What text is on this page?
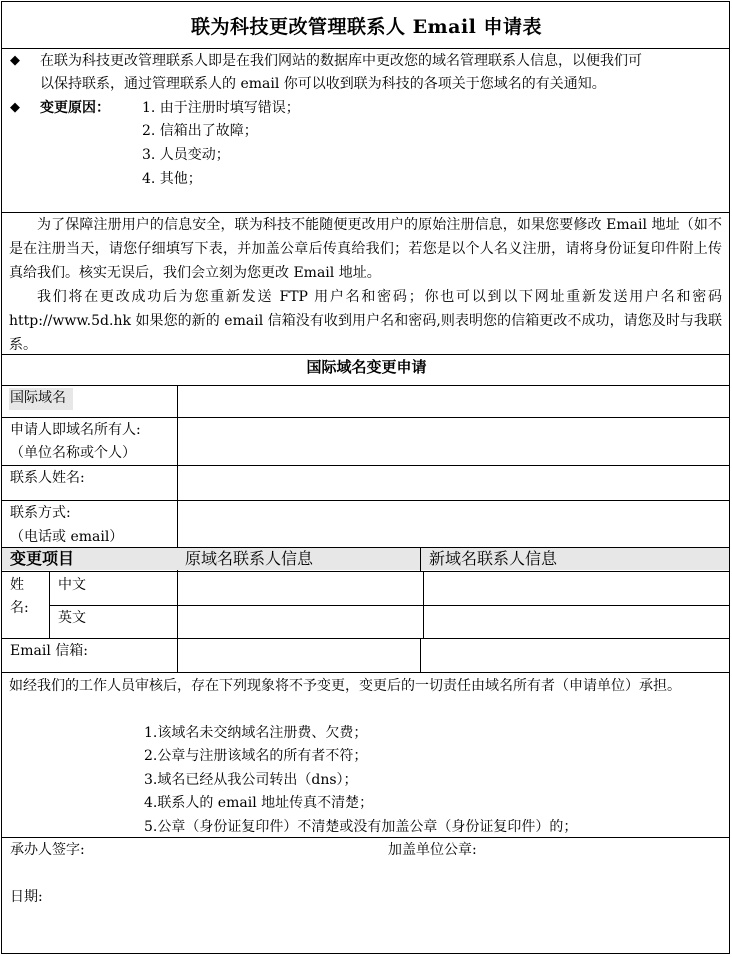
联为科技更改管理联系人 Email 申请表
◆ 在联为科技更改管理联系人即是在我们网站的数据库中更改您的域名管理联系人信息，以便我们可
以保持联系，通过管理联系人的 email 你可以收到联为科技的各项关于您域名的有关通知。
◆ 变更原因： 1. 由于注册时填写错误；
2. 信箱出了故障；
3. 人员变动；
4. 其他；
为了保障注册用户的信息安全，联为科技不能随便更改用户的原始注册信息，如果您要修改 Email 地址（如不是在注册当天，请您仔细填写下表，并加盖公章后传真给我们；若您是以个人名义注册，请将身份证复印件附上传真给我们。核实无误后，我们会立刻为您更改 Email 地址。
我们将在更改成功后为您重新发送 FTP 用户名和密码；你也可以到以下网址重新发送用户名和密码 http://www.5d.hk 如果您的新的 email 信箱没有收到用户名和密码,则表明您的信箱更改不成功，请您及时与我联系。
国际域名变更申请
国际域名
申请人即域名所有人:
（单位名称或个人）
联系人姓名:
联系方式:
（电话或 email）
变更项目	原域名联系人信息	新域名联系人信息
姓
名:
中文
英文
Email 信箱:
如经我们的工作人员审核后，存在下列现象将不予变更，变更后的一切责任由域名所有者（申请单位）承担。
1.该域名未交纳域名注册费、欠费；
2.公章与注册该域名的所有者不符；
3.域名已经从我公司转出（dns）；
4.联系人的 email 地址传真不清楚；
5.公章（身份证复印件）不清楚或没有加盖公章（身份证复印件）的；
承办人签字:	加盖单位公章:
日期:
